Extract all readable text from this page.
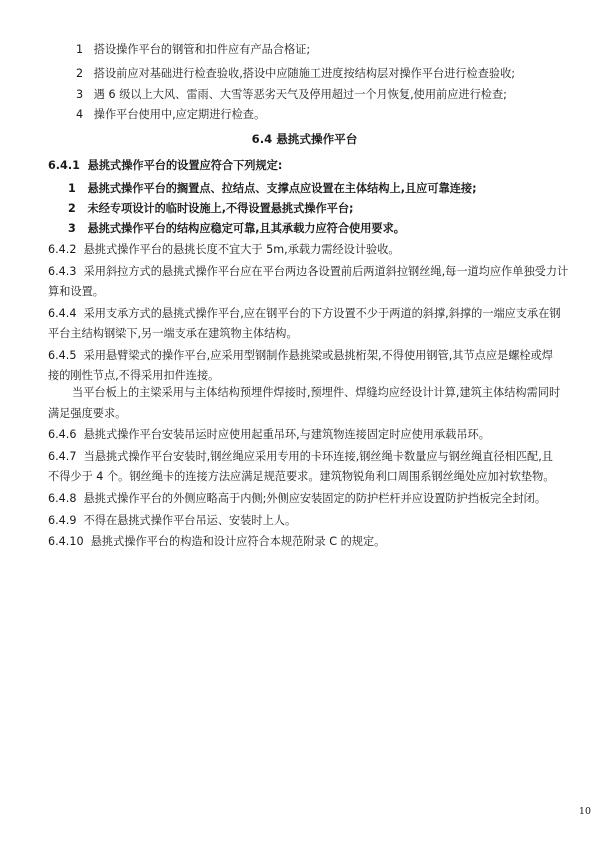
1 搭设操作平台的钢管和扣件应有产品合格证;
2 搭设前应对基础进行检查验收,搭设中应随施工进度按结构层对操作平台进行检查验收;
3 遇 6 级以上大风、雷雨、大雪等恶劣天气及停用超过一个月恢复,使用前应进行检查;
4 操作平台使用中,应定期进行检查。
6.4 悬挑式操作平台
6.4.1 悬挑式操作平台的设置应符合下列规定:
1 悬挑式操作平台的搁置点、拉结点、支撑点应设置在主体结构上,且应可靠连接;
2 未经专项设计的临时设施上,不得设置悬挑式操作平台;
3 悬挑式操作平台的结构应稳定可靠,且其承载力应符合使用要求。
6.4.2 悬挑式操作平台的悬挑长度不宜大于 5m,承载力需经设计验收。
6.4.3 采用斜拉方式的悬挑式操作平台应在平台两边各设置前后两道斜拉钢丝绳,每一道均应作单独受力计
算和设置。
6.4.4 采用支承方式的悬挑式操作平台,应在钢平台的下方设置不少于两道的斜撑,斜撑的一端应支承在钢
平台主结构钢梁下,另一端支承在建筑物主体结构。
6.4.5 采用悬臂梁式的操作平台,应采用型钢制作悬挑梁或悬挑桁架,不得使用钢管,其节点应是螺栓或焊
接的刚性节点,不得采用扣件连接。
当平台板上的主梁采用与主体结构预埋件焊接时,预埋件、焊缝均应经设计计算,建筑主体结构需同时
满足强度要求。
6.4.6 悬挑式操作平台安装吊运时应使用起重吊环,与建筑物连接固定时应使用承载吊环。
6.4.7 当悬挑式操作平台安装时,钢丝绳应采用专用的卡环连接,钢丝绳卡数量应与钢丝绳直径相匹配,且
不得少于 4 个。钢丝绳卡的连接方法应满足规范要求。建筑物锐角利口周围系钢丝绳处应加衬软垫物。
6.4.8 悬挑式操作平台的外侧应略高于内侧;外侧应安装固定的防护栏杆并应设置防护挡板完全封闭。
6.4.9 不得在悬挑式操作平台吊运、安装时上人。
6.4.10 悬挑式操作平台的构造和设计应符合本规范附录 C 的规定。
10
